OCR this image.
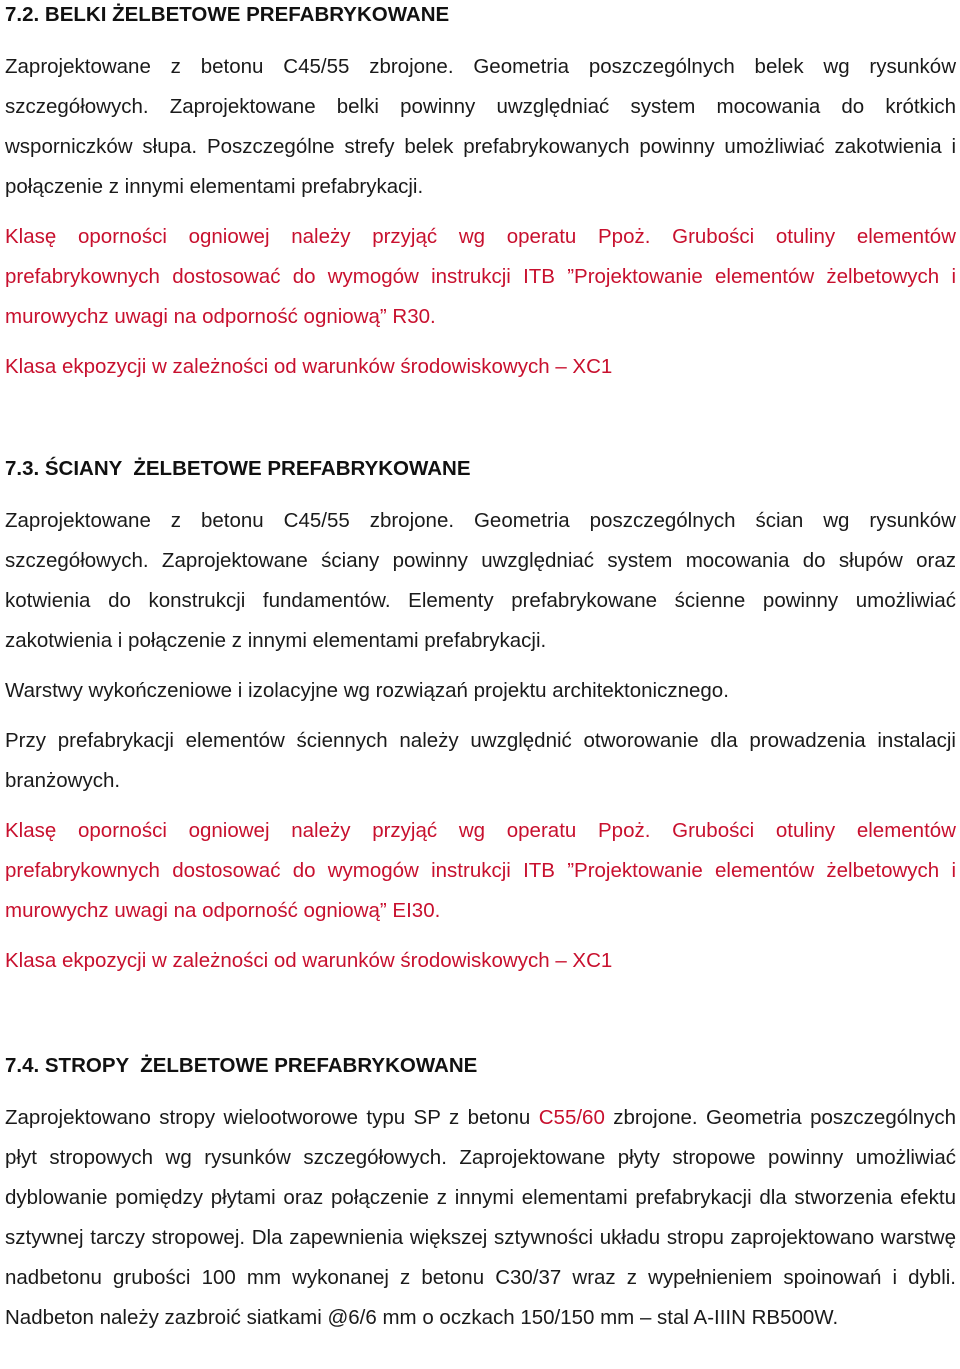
7.2. BELKI ŻELBETOWE PREFABRYKOWANE

Zaprojektowane z betonu C45/55 zbrojone. Geometria poszczególnych belek wg rysunków szczegółowych. Zaprojektowane belki powinny uwzględniać system mocowania do krótkich wsporniczków słupa. Poszczególne strefy belek prefabrykowanych powinny umożliwiać zakotwienia i połączenie z innymi elementami prefabrykacji.

Klasę oporności ogniowej należy przyjąć wg operatu Ppoż. Grubości otuliny elementów prefabrykownych dostosować do wymogów instrukcji ITB ”Projektowanie elementów żelbetowych i murowychz uwagi na odporność ogniową” R30.

Klasa ekpozycji w zależności od warunków środowiskowych – XC1

7.3. ŚCIANY  ŻELBETOWE PREFABRYKOWANE

Zaprojektowane z betonu C45/55 zbrojone. Geometria poszczególnych ścian wg rysunków szczegółowych. Zaprojektowane ściany powinny uwzględniać system mocowania do słupów oraz kotwienia do konstrukcji fundamentów. Elementy prefabrykowane ścienne powinny umożliwiać zakotwienia i połączenie z innymi elementami prefabrykacji.

Warstwy wykończeniowe i izolacyjne wg rozwiązań projektu architektonicznego.

Przy prefabrykacji elementów ściennych należy uwzględnić otworowanie dla prowadzenia instalacji branżowych.

Klasę oporności ogniowej należy przyjąć wg operatu Ppoż. Grubości otuliny elementów prefabrykownych dostosować do wymogów instrukcji ITB ”Projektowanie elementów żelbetowych i murowychz uwagi na odporność ogniową” EI30.

Klasa ekpozycji w zależności od warunków środowiskowych – XC1

7.4. STROPY  ŻELBETOWE PREFABRYKOWANE

Zaprojektowano stropy wielootworowe typu SP z betonu C55/60 zbrojone. Geometria poszczególnych płyt stropowych wg rysunków szczegółowych. Zaprojektowane płyty stropowe powinny umożliwiać dyblowanie pomiędzy płytami oraz połączenie z innymi elementami prefabrykacji dla stworzenia efektu sztywnej tarczy stropowej. Dla zapewnienia większej sztywności układu stropu zaprojektowano warstwę nadbetonu grubości 100 mm wykonanej z betonu C30/37 wraz z wypełnieniem spoinowań i dybli. Nadbeton należy zazbroić siatkami @6/6 mm o oczkach 150/150 mm – stal A-IIIN RB500W.
